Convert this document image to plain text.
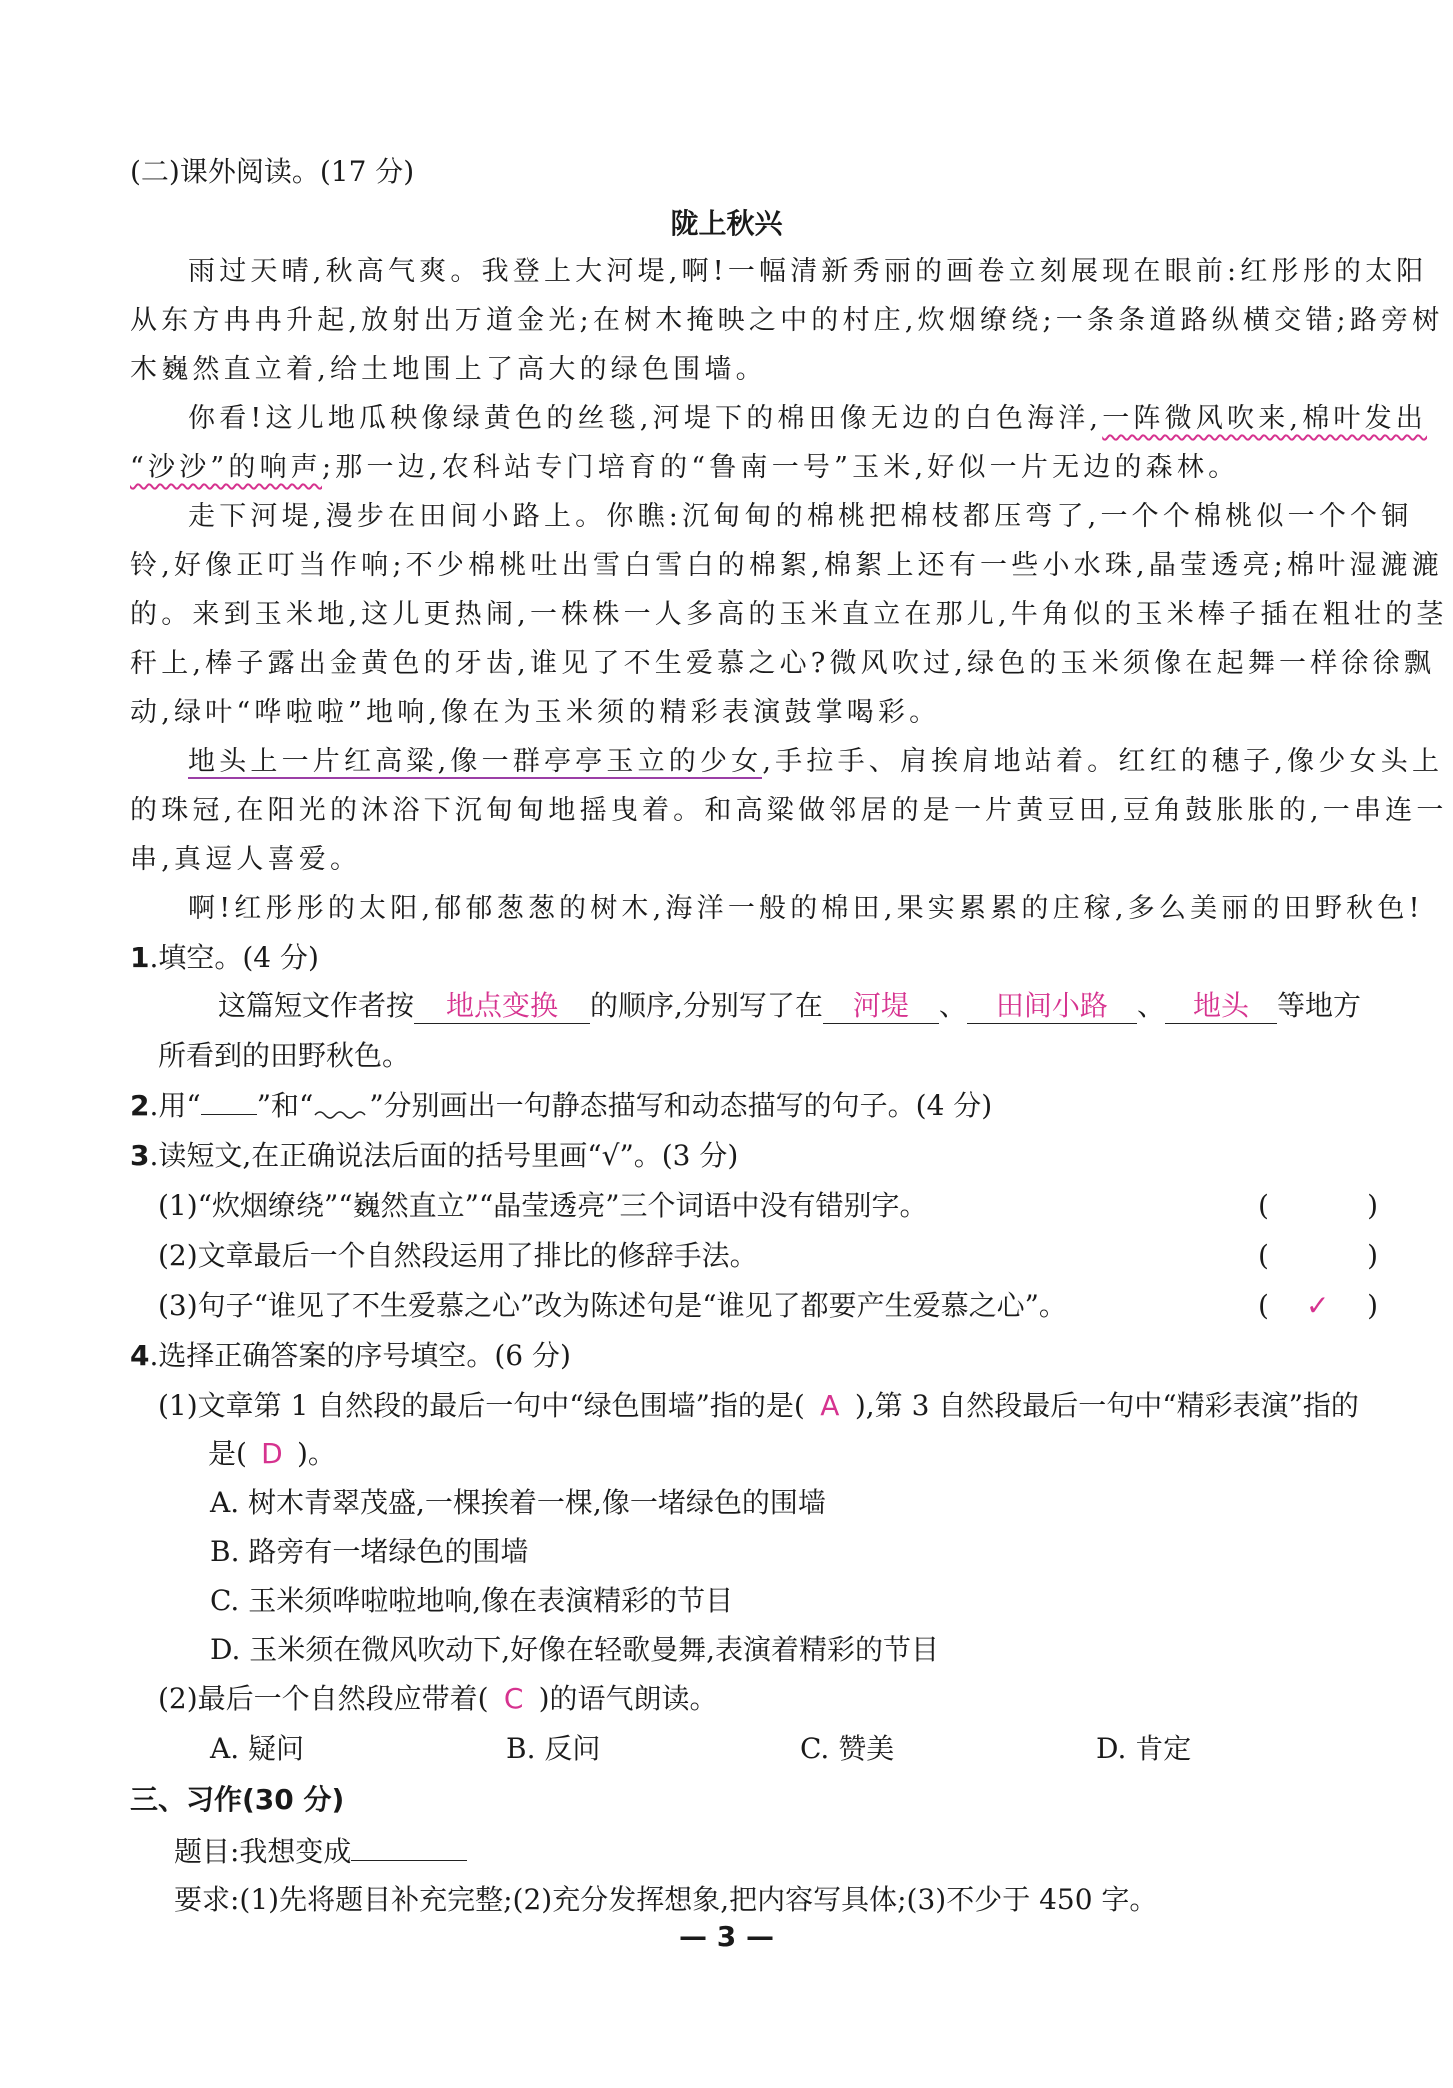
(二)课外阅读。(17 分)
陇上秋兴
雨过天晴,秋高气爽。我登上大河堤,啊!一幅清新秀丽的画卷立刻展现在眼前:红彤彤的太阳
从东方冉冉升起,放射出万道金光;在树木掩映之中的村庄,炊烟缭绕;一条条道路纵横交错;路旁树
木巍然直立着,给土地围上了高大的绿色围墙。
你看!这儿地瓜秧像绿黄色的丝毯,河堤下的棉田像无边的白色海洋,一阵微风吹来,棉叶发出
“沙沙”的响声;那一边,农科站专门培育的“鲁南一号”玉米,好似一片无边的森林。
走下河堤,漫步在田间小路上。你瞧:沉甸甸的棉桃把棉枝都压弯了,一个个棉桃似一个个铜
铃,好像正叮当作响;不少棉桃吐出雪白雪白的棉絮,棉絮上还有一些小水珠,晶莹透亮;棉叶湿漉漉
的。来到玉米地,这儿更热闹,一株株一人多高的玉米直立在那儿,牛角似的玉米棒子插在粗壮的茎
秆上,棒子露出金黄色的牙齿,谁见了不生爱慕之心?微风吹过,绿色的玉米须像在起舞一样徐徐飘
动,绿叶“哗啦啦”地响,像在为玉米须的精彩表演鼓掌喝彩。
地头上一片红高粱,像一群亭亭玉立的少女,手拉手、肩挨肩地站着。红红的穗子,像少女头上
的珠冠,在阳光的沐浴下沉甸甸地摇曳着。和高粱做邻居的是一片黄豆田,豆角鼓胀胀的,一串连一
串,真逗人喜爱。
啊!红彤彤的太阳,郁郁葱葱的树木,海洋一般的棉田,果实累累的庄稼,多么美丽的田野秋色!
1.填空。(4 分)
这篇短文作者按 地点变换 的顺序,分别写了在 河堤 、 田间小路 、 地头 等地方
所看到的田野秋色。
2.用“ ”和“ ”分别画出一句静态描写和动态描写的句子。(4 分)
3.读短文,在正确说法后面的括号里画“√”。(3 分)
(1)“炊烟缭绕”“巍然直立”“晶莹透亮”三个词语中没有错别字。	(	)
(2)文章最后一个自然段运用了排比的修辞手法。	(	)
(3)句子“谁见了不生爱慕之心”改为陈述句是“谁见了都要产生爱慕之心”。	( ✓ )
4.选择正确答案的序号填空。(6 分)
(1)文章第 1 自然段的最后一句中“绿色围墙”指的是( A ),第 3 自然段最后一句中“精彩表演”指的
是( D )。
A. 树木青翠茂盛,一棵挨着一棵,像一堵绿色的围墙
B. 路旁有一堵绿色的围墙
C. 玉米须哗啦啦地响,像在表演精彩的节目
D. 玉米须在微风吹动下,好像在轻歌曼舞,表演着精彩的节目
(2)最后一个自然段应带着( C )的语气朗读。
A. 疑问	B. 反问	C. 赞美	D. 肯定
三、习作(30 分)
题目:我想变成
要求:(1)先将题目补充完整;(2)充分发挥想象,把内容写具体;(3)不少于 450 字。
— 3 —
